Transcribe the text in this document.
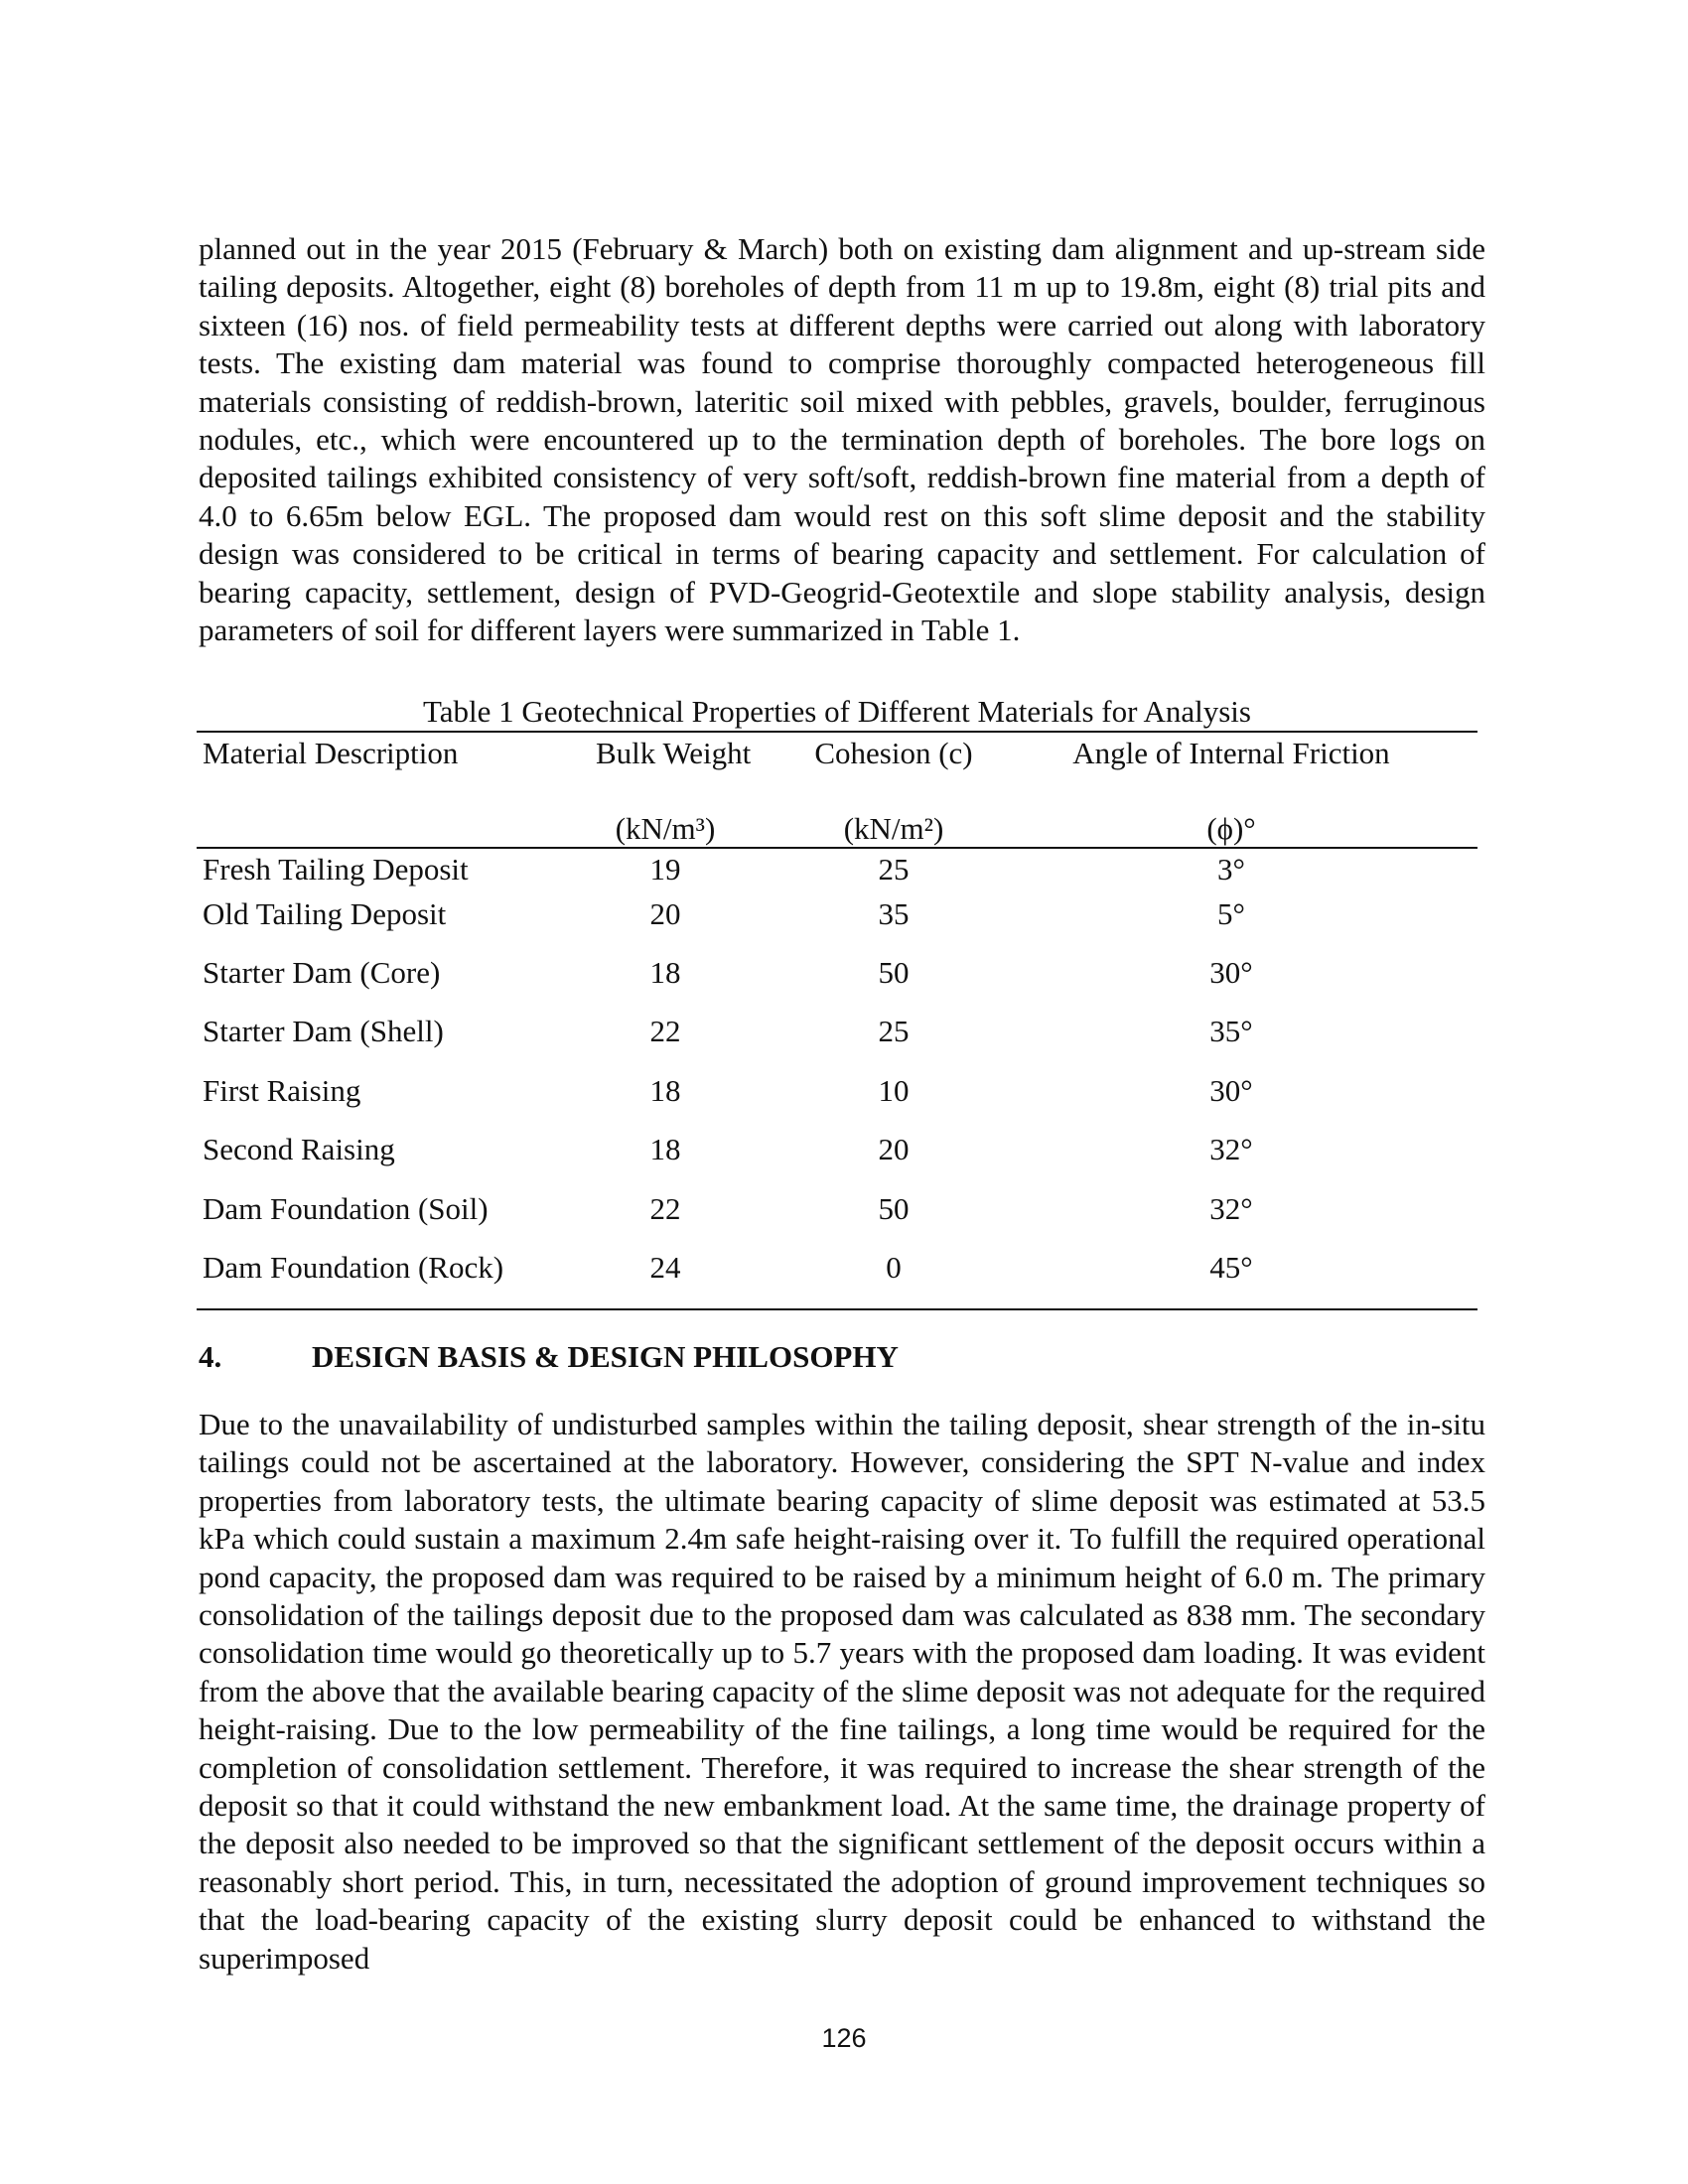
planned out in the year 2015 (February & March) both on existing dam alignment and up-stream side tailing deposits. Altogether, eight (8) boreholes of depth from 11 m up to 19.8m, eight (8) trial pits and sixteen (16) nos. of field permeability tests at different depths were carried out along with laboratory tests. The existing dam material was found to comprise thoroughly compacted heterogeneous fill materials consisting of reddish-brown, lateritic soil mixed with pebbles, gravels, boulder, ferruginous nodules, etc., which were encountered up to the termination depth of boreholes. The bore logs on deposited tailings exhibited consistency of very soft/soft, reddish-brown fine material from a depth of 4.0 to 6.65m below EGL. The proposed dam would rest on this soft slime deposit and the stability design was considered to be critical in terms of bearing capacity and settlement. For calculation of bearing capacity, settlement, design of PVD-Geogrid-Geotextile and slope stability analysis, design parameters of soil for different layers were summarized in Table 1.

Table 1 Geotechnical Properties of Different Materials for Analysis
Material Description	Bulk Weight	Cohesion (c)	Angle of Internal Friction
(kN/m³)	(kN/m²)	(ϕ)°
Fresh Tailing Deposit	19	25	3°
Old Tailing Deposit	20	35	5°
Starter Dam (Core)	18	50	30°
Starter Dam (Shell)	22	25	35°
First Raising	18	10	30°
Second Raising	18	20	32°
Dam Foundation (Soil)	22	50	32°
Dam Foundation (Rock)	24	0	45°
4.	DESIGN BASIS & DESIGN PHILOSOPHY

Due to the unavailability of undisturbed samples within the tailing deposit, shear strength of the in-situ tailings could not be ascertained at the laboratory. However, considering the SPT N-value and index properties from laboratory tests, the ultimate bearing capacity of slime deposit was estimated at 53.5 kPa which could sustain a maximum 2.4m safe height-raising over it. To fulfill the required operational pond capacity, the proposed dam was required to be raised by a minimum height of 6.0 m. The primary consolidation of the tailings deposit due to the proposed dam was calculated as 838 mm. The secondary consolidation time would go theoretically up to 5.7 years with the proposed dam loading. It was evident from the above that the available bearing capacity of the slime deposit was not adequate for the required height-raising. Due to the low permeability of the fine tailings, a long time would be required for the completion of consolidation settlement. Therefore, it was required to increase the shear strength of the deposit so that it could withstand the new embankment load. At the same time, the drainage property of the deposit also needed to be improved so that the significant settlement of the deposit occurs within a reasonably short period. This, in turn, necessitated the adoption of ground improvement techniques so that the load-bearing capacity of the existing slurry deposit could be enhanced to withstand the superimposed

126
